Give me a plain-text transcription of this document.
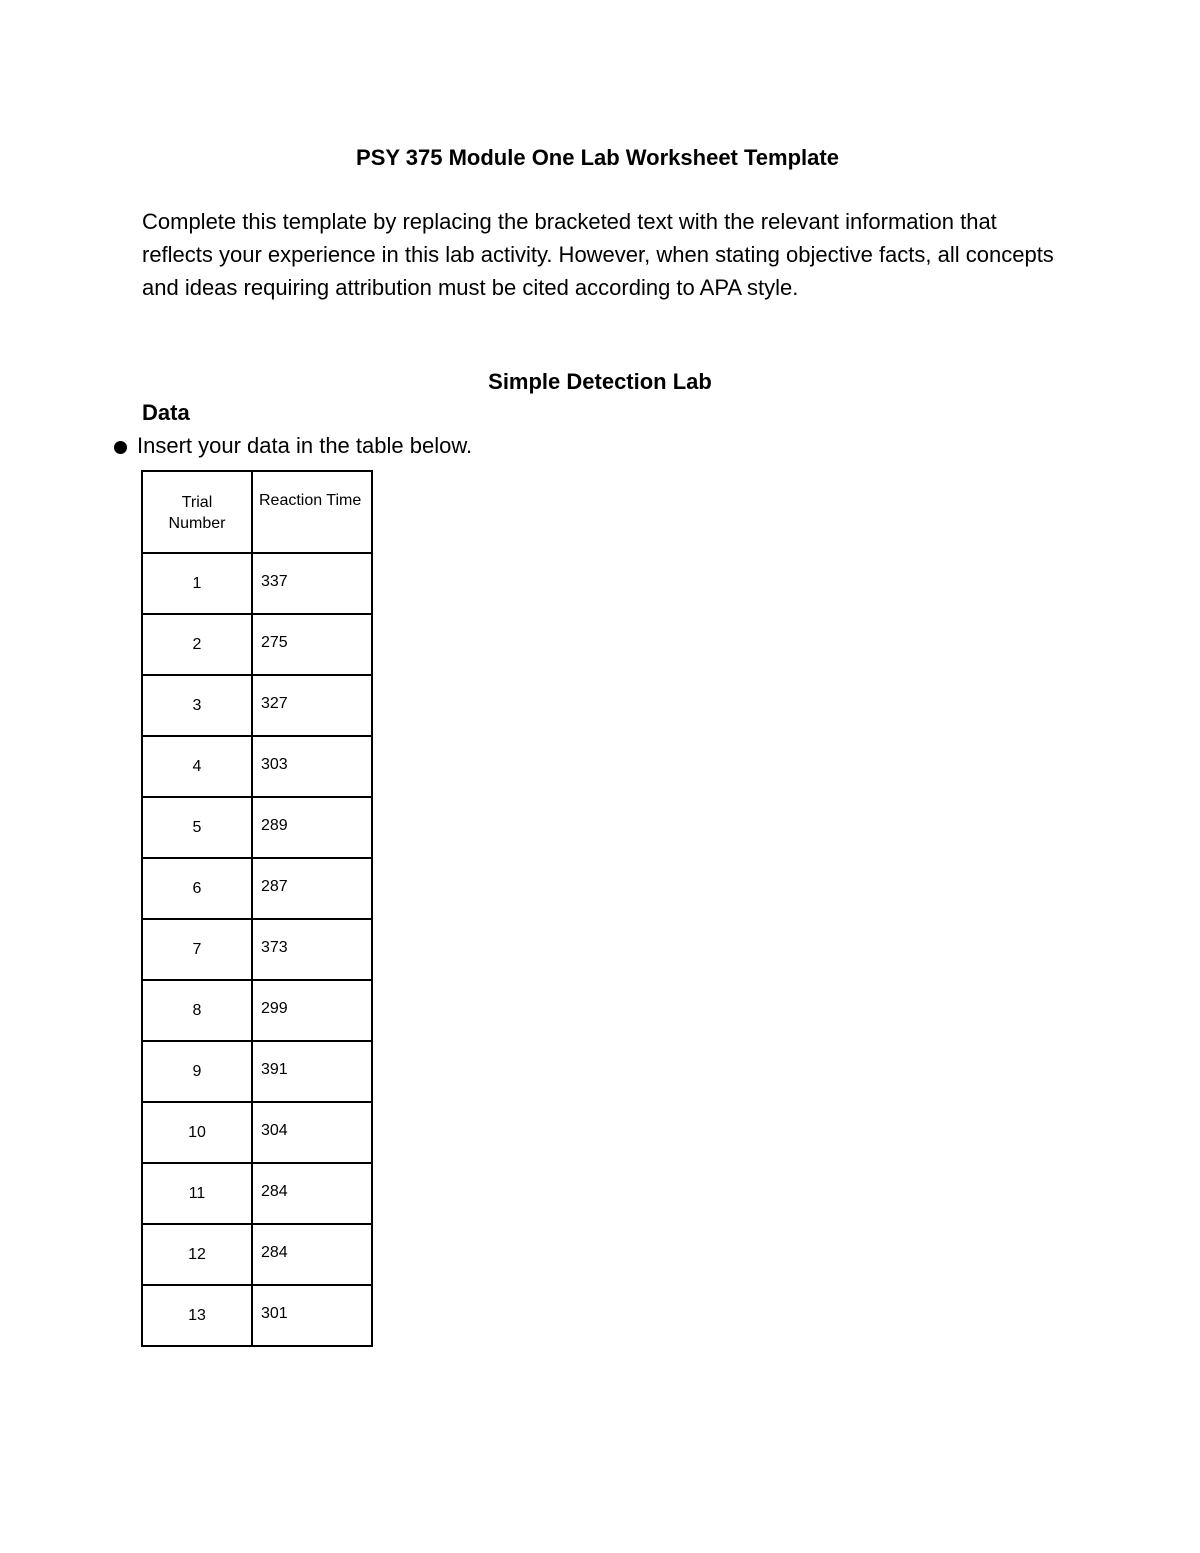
PSY 375 Module One Lab Worksheet Template
Complete this template by replacing the bracketed text with the relevant information that reflects your experience in this lab activity. However, when stating objective facts, all concepts and ideas requiring attribution must be cited according to APA style.
Simple Detection Lab
Data
Insert your data in the table below.
Trial
Number	Reaction Time
1	337
2	275
3	327
4	303
5	289
6	287
7	373
8	299
9	391
10	304
11	284
12	284
13	301
